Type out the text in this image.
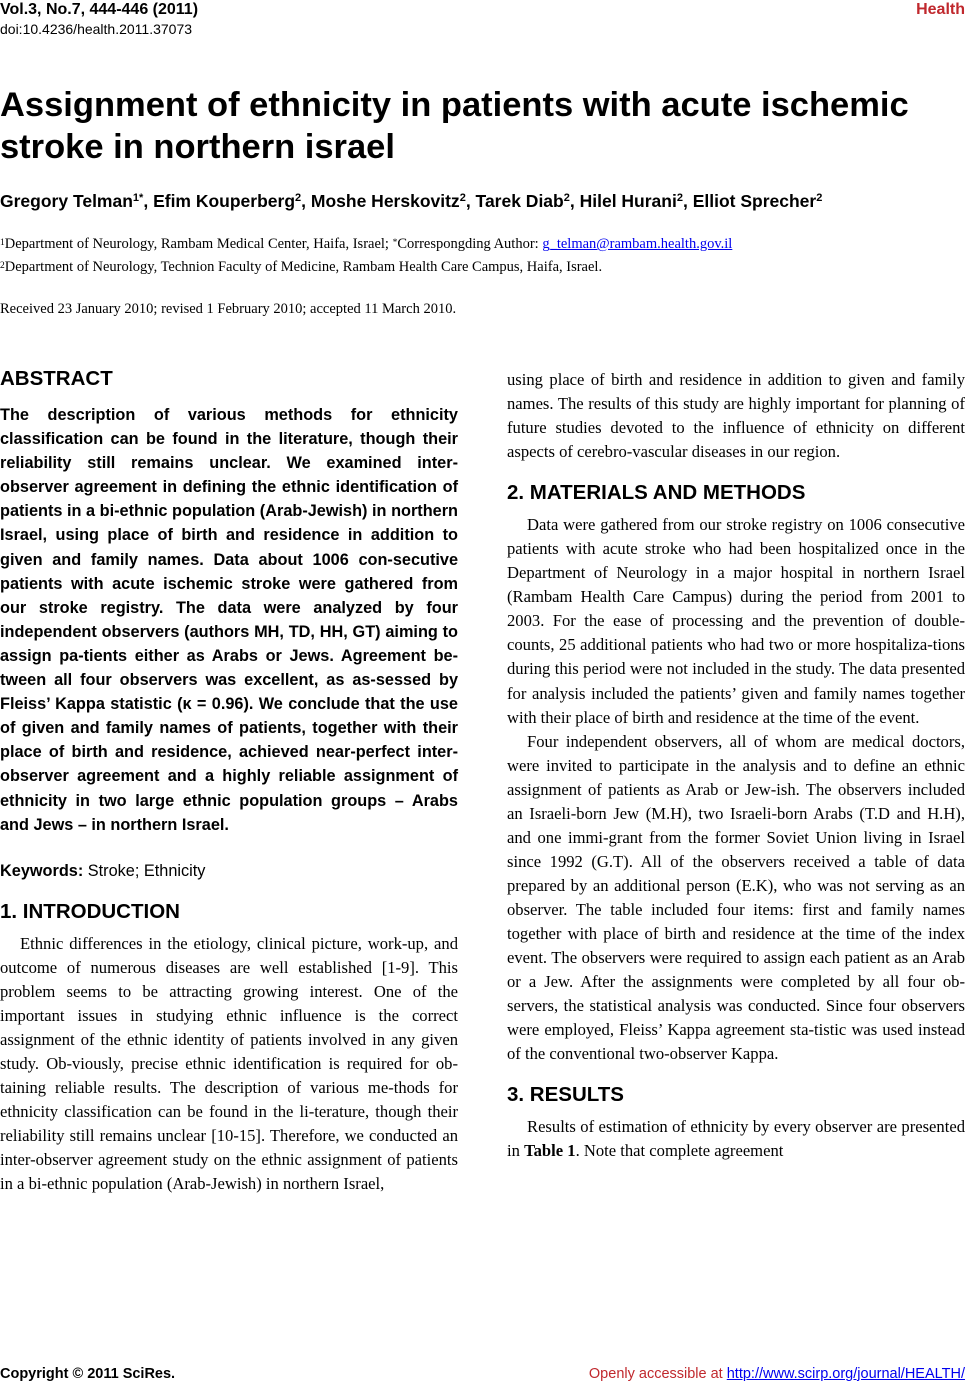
Vol.3, No.7, 444-446 (2011)
doi:10.4236/health.2011.37073
Health
Assignment of ethnicity in patients with acute ischemic stroke in northern israel
Gregory Telman$^{1*}$, Efim Kouperberg$^2$, Moshe Herskovitz$^2$, Tarek Diab$^2$, Hilel Hurani$^2$, Elliot Sprecher$^2$
$^1$Department of Neurology, Rambam Medical Center, Haifa, Israel; *Correspongding Author: g_telman@rambam.health.gov.il
$^2$Department of Neurology, Technion Faculty of Medicine, Rambam Health Care Campus, Haifa, Israel.
Received 23 January 2010; revised 1 February 2010; accepted 11 March 2010.
ABSTRACT

The description of various methods for ethnicity classification can be found in the literature, though their reliability still remains unclear. We examined inter-observer agreement in defining the ethnic identification of patients in a bi-ethnic population (Arab-Jewish) in northern Israel, using place of birth and residence in addition to given and family names. Data about 1006 con-secutive patients with acute ischemic stroke were gathered from our stroke registry. The data were analyzed by four independent observers (authors MH, TD, HH, GT) aiming to assign pa-tients either as Arabs or Jews. Agreement be-tween all four observers was excellent, as as-sessed by Fleiss’ Kappa statistic (κ = 0.96). We conclude that the use of given and family names of patients, together with their place of birth and residence, achieved near-perfect inter-observer agreement and a highly reliable assignment of ethnicity in two large ethnic population groups – Arabs and Jews – in northern Israel.

Keywords: Stroke; Ethnicity

1. INTRODUCTION

Ethnic differences in the etiology, clinical picture, work-up, and outcome of numerous diseases are well established [1-9]. This problem seems to be attracting growing interest. One of the important issues in studying ethnic influence is the correct assignment of the ethnic identity of patients involved in any given study. Ob-viously, precise ethnic identification is required for ob-taining reliable results. The description of various me-thods for ethnicity classification can be found in the li-terature, though their reliability still remains unclear [10-15]. Therefore, we conducted an inter-observer agreement study on the ethnic assignment of patients in a bi-ethnic population (Arab-Jewish) in northern Israel,

using place of birth and residence in addition to given and family names. The results of this study are highly important for planning of future studies devoted to the influence of ethnicity on different aspects of cerebro-vascular diseases in our region.

2. MATERIALS AND METHODS

Data were gathered from our stroke registry on 1006 consecutive patients with acute stroke who had been hospitalized once in the Department of Neurology in a major hospital in northern Israel (Rambam Health Care Campus) during the period from 2001 to 2003. For the ease of processing and the prevention of double-counts, 25 additional patients who had two or more hospitaliza-tions during this period were not included in the study. The data presented for analysis included the patients’ given and family names together with their place of birth and residence at the time of the event.

Four independent observers, all of whom are medical doctors, were invited to participate in the analysis and to define an ethnic assignment of patients as Arab or Jew-ish. The observers included an Israeli-born Jew (M.H), two Israeli-born Arabs (T.D and H.H), and one immi-grant from the former Soviet Union living in Israel since 1992 (G.T). All of the observers received a table of data prepared by an additional person (E.K), who was not serving as an observer. The table included four items: first and family names together with place of birth and residence at the time of the index event. The observers were required to assign each patient as an Arab or a Jew. After the assignments were completed by all four ob-servers, the statistical analysis was conducted. Since four observers were employed, Fleiss’ Kappa agreement sta-tistic was used instead of the conventional two-observer Kappa.

3. RESULTS

Results of estimation of ethnicity by every observer are presented in Table 1. Note that complete agreement

Copyright © 2011 SciRes.	Openly accessible at http://www.scirp.org/journal/HEALTH/
